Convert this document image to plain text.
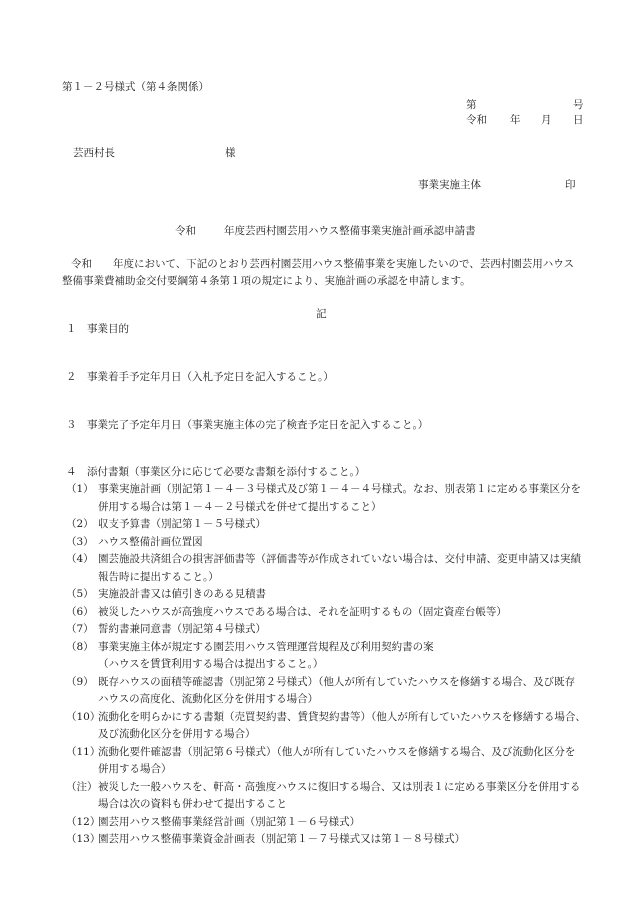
第１－２号様式（第４条関係）
第	号
令和 年 月 日
芸西村長	様
事業実施主体	印
令和	年度芸西村園芸用ハウス整備事業実施計画承認申請書
令和　　年度において、下記のとおり芸西村園芸用ハウス整備事業を実施したいので、芸西村園芸用ハウス
整備事業費補助金交付要綱第４条第１項の規定により、実施計画の承認を申請します。
記
１　事業目的
２　事業着手予定年月日（入札予定日を記入すること。）
３　事業完了予定年月日（事業実施主体の完了検査予定日を記入すること。）
４　添付書類（事業区分に応じて必要な書類を添付すること。）
（1） 事業実施計画（別記第１－４－３号様式及び第１－４－４号様式。なお、別表第１に定める事業区分を
併用する場合は第１－４－２号様式を併せて提出すること）
（2） 収支予算書（別記第１－５号様式）
（3） ハウス整備計画位置図
（4） 園芸施設共済組合の損害評価書等（評価書等が作成されていない場合は、交付申請、変更申請又は実績
報告時に提出すること。）
（5） 実施設計書又は値引きのある見積書
（6） 被災したハウスが高強度ハウスである場合は、それを証明するもの（固定資産台帳等）
（7） 誓約書兼同意書（別記第４号様式）
（8） 事業実施主体が規定する園芸用ハウス管理運営規程及び利用契約書の案
（ハウスを賃貸利用する場合は提出すること。）
（9） 既存ハウスの面積等確認書（別記第２号様式）（他人が所有していたハウスを修繕する場合、及び既存
ハウスの高度化、流動化区分を併用する場合）
（10）
流動化を明らかにする書類（売買契約書、賃貸契約書等）（他人が所有していたハウスを修繕する場合、
及び流動化区分を併用する場合）
（11）
流動化要件確認書（別記第６号様式）（他人が所有していたハウスを修繕する場合、及び流動化区分を
併用する場合）
（注） 被災した一般ハウスを、軒高・高強度ハウスに復旧する場合、又は別表１に定める事業区分を併用する
場合は次の資料も併わせて提出すること
（12）
園芸用ハウス整備事業経営計画（別記第１－６号様式）
（13）
園芸用ハウス整備事業資金計画表（別記第１－７号様式又は第１－８号様式）
